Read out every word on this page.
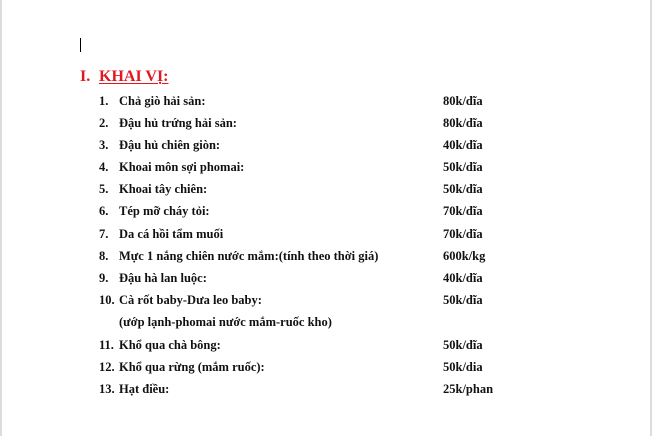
I. KHAI VỊ:
1. Chả giò hải sản:	80k/dĩa
2. Đậu hủ trứng hải sản:	80k/dĩa
3. Đậu hủ chiên giòn:	40k/dĩa
4. Khoai môn sợi phomai:	50k/dĩa
5. Khoai tây chiên:	50k/dĩa
6. Tép mỡ cháy tỏi:	70k/dĩa
7. Da cá hồi tẩm muối	70k/dĩa
8. Mực 1 nắng chiên nước mắm:(tính theo thời giá)	600k/kg
9. Đậu hà lan luộc:	40k/dĩa
10. Cà rốt baby-Dưa leo baby:	50k/dĩa
(ướp lạnh-phomai nước mắm-ruốc kho)
11. Khổ qua chà bông:	50k/dĩa
12. Khổ qua rừng (mắm ruốc):	50k/dia
13. Hạt điều:	25k/phan
